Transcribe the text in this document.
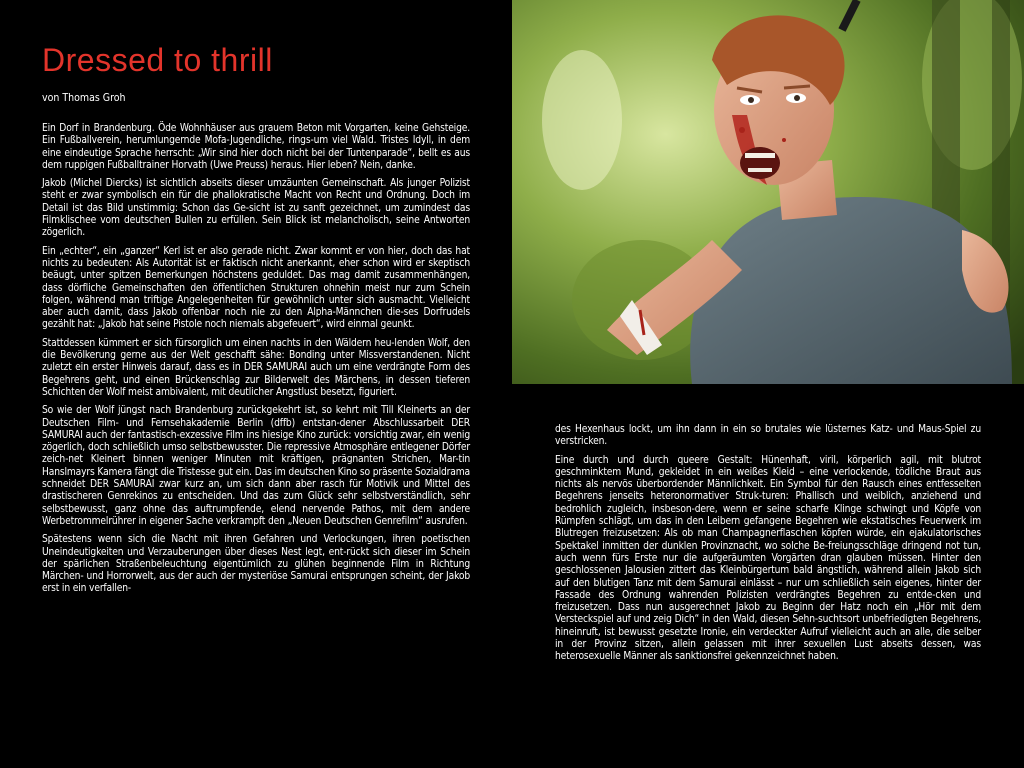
Dressed to thrill
von Thomas Groh

Ein Dorf in Brandenburg. Öde Wohnhäuser aus grauem Beton mit Vorgarten, keine Gehsteige. Ein Fußballverein, herumlungernde Mofa-Jugendliche, rings-um viel Wald. Tristes Idyll, in dem eine eindeutige Sprache herrscht: „Wir sind hier doch nicht bei der Tuntenparade“, bellt es aus dem ruppigen Fußballtrainer Horvath (Uwe Preuss) heraus. Hier leben? Nein, danke.

Jakob (Michel Diercks) ist sichtlich abseits dieser umzäunten Gemeinschaft. Als junger Polizist steht er zwar symbolisch ein für die phallokratische Macht von Recht und Ordnung. Doch im Detail ist das Bild unstimmig: Schon das Ge-sicht ist zu sanft gezeichnet, um zumindest das Filmklischee vom deutschen Bullen zu erfüllen. Sein Blick ist melancholisch, seine Antworten zögerlich.

Ein „echter“, ein „ganzer“ Kerl ist er also gerade nicht. Zwar kommt er von hier, doch das hat nichts zu bedeuten: Als Autorität ist er faktisch nicht anerkannt, eher schon wird er skeptisch beäugt, unter spitzen Bemerkungen höchstens geduldet. Das mag damit zusammenhängen, dass dörfliche Gemeinschaften den öffentlichen Strukturen ohnehin meist nur zum Schein folgen, während man triftige Angelegenheiten für gewöhnlich unter sich ausmacht. Vielleicht aber auch damit, dass Jakob offenbar noch nie zu den Alpha-Männchen die-ses Dorfrudels gezählt hat: „Jakob hat seine Pistole noch niemals abgefeuert“, wird einmal geunkt.

Stattdessen kümmert er sich fürsorglich um einen nachts in den Wäldern heu-lenden Wolf, den die Bevölkerung gerne aus der Welt geschafft sähe: Bonding unter Missverstandenen. Nicht zuletzt ein erster Hinweis darauf, dass es in DER SAMURAI auch um eine verdrängte Form des Begehrens geht, und einen Brückenschlag zur Bilderwelt des Märchens, in dessen tieferen Schichten der Wolf meist ambivalent, mit deutlicher Angstlust besetzt, figuriert.

So wie der Wolf jüngst nach Brandenburg zurückgekehrt ist, so kehrt mit Till Kleinerts an der Deutschen Film- und Fernsehakademie Berlin (dffb) entstan-dener Abschlussarbeit DER SAMURAI auch der fantastisch-exzessive Film ins hiesige Kino zurück: vorsichtig zwar, ein wenig zögerlich, doch schließlich umso selbstbewusster. Die repressive Atmosphäre entlegener Dörfer zeich-net Kleinert binnen weniger Minuten mit kräftigen, prägnanten Strichen, Mar-tin Hanslmayrs Kamera fängt die Tristesse gut ein. Das im deutschen Kino so präsente Sozialdrama schneidet DER SAMURAI zwar kurz an, um sich dann aber rasch für Motivik und Mittel des drastischeren Genrekinos zu entscheiden. Und das zum Glück sehr selbstverständlich, sehr selbstbewusst, ganz ohne das auftrumpfende, elend nervende Pathos, mit dem andere Werbetrommelrührer in eigener Sache verkrampft den „Neuen Deutschen Genrefilm“ ausrufen.

Spätestens wenn sich die Nacht mit ihren Gefahren und Verlockungen, ihren poetischen Uneindeutigkeiten und Verzauberungen über dieses Nest legt, ent-rückt sich dieser im Schein der spärlichen Straßenbeleuchtung eigentümlich zu glühen beginnende Film in Richtung Märchen- und Horrorwelt, aus der auch der mysteriöse Samurai entsprungen scheint, der Jakob erst in ein verfallen-

des Hexenhaus lockt, um ihn dann in ein so brutales wie lüsternes Katz- und Maus-Spiel zu verstricken.

Eine durch und durch queere Gestalt: Hünenhaft, viril, körperlich agil, mit blutrot geschminktem Mund, gekleidet in ein weißes Kleid – eine verlockende, tödliche Braut aus nichts als nervös überbordender Männlichkeit. Ein Symbol für den Rausch eines entfesselten Begehrens jenseits heteronormativer Struk-turen: Phallisch und weiblich, anziehend und bedrohlich zugleich, insbeson-dere, wenn er seine scharfe Klinge schwingt und Köpfe von Rümpfen schlägt, um das in den Leibern gefangene Begehren wie ekstatisches Feuerwerk im Blutregen freizusetzen: Als ob man Champagnerflaschen köpfen würde, ein ejakulatorisches Spektakel inmitten der dunklen Provinznacht, wo solche Be-freiungsschläge dringend not tun, auch wenn fürs Erste nur die aufgeräumten Vorgärten dran glauben müssen. Hinter den geschlossenen Jalousien zittert das Kleinbürgertum bald ängstlich, während allein Jakob sich auf den blutigen Tanz mit dem Samurai einlässt – nur um schließlich sein eigenes, hinter der Fassade des Ordnung wahrenden Polizisten verdrängtes Begehren zu entde-cken und freizusetzen. Dass nun ausgerechnet Jakob zu Beginn der Hatz noch ein „Hör mit dem Versteckspiel auf und zeig Dich“ in den Wald, diesen Sehn-suchtsort unbefriedigten Begehrens, hineinruft, ist bewusst gesetzte Ironie, ein verdeckter Aufruf vielleicht auch an alle, die selber in der Provinz sitzen, allein gelassen mit ihrer sexuellen Lust abseits dessen, was heterosexuelle Männer als sanktionsfrei gekennzeichnet haben.
